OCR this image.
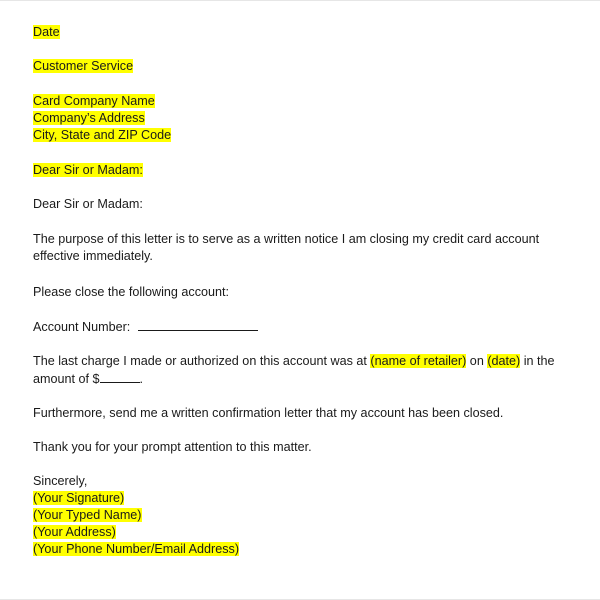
Date
Customer Service
Card Company Name
Company’s Address
City, State and ZIP Code
Dear Sir or Madam:
Dear Sir or Madam:
The purpose of this letter is to serve as a written notice I am closing my credit card account
effective immediately.
Please close the following account:
Account Number:
The last charge I made or authorized on this account was at (name of retailer) on (date) in the
amount of $	.
Furthermore, send me a written confirmation letter that my account has been closed.
Thank you for your prompt attention to this matter.
Sincerely,
(Your Signature)
(Your Typed Name)
(Your Address)
(Your Phone Number/Email Address)
